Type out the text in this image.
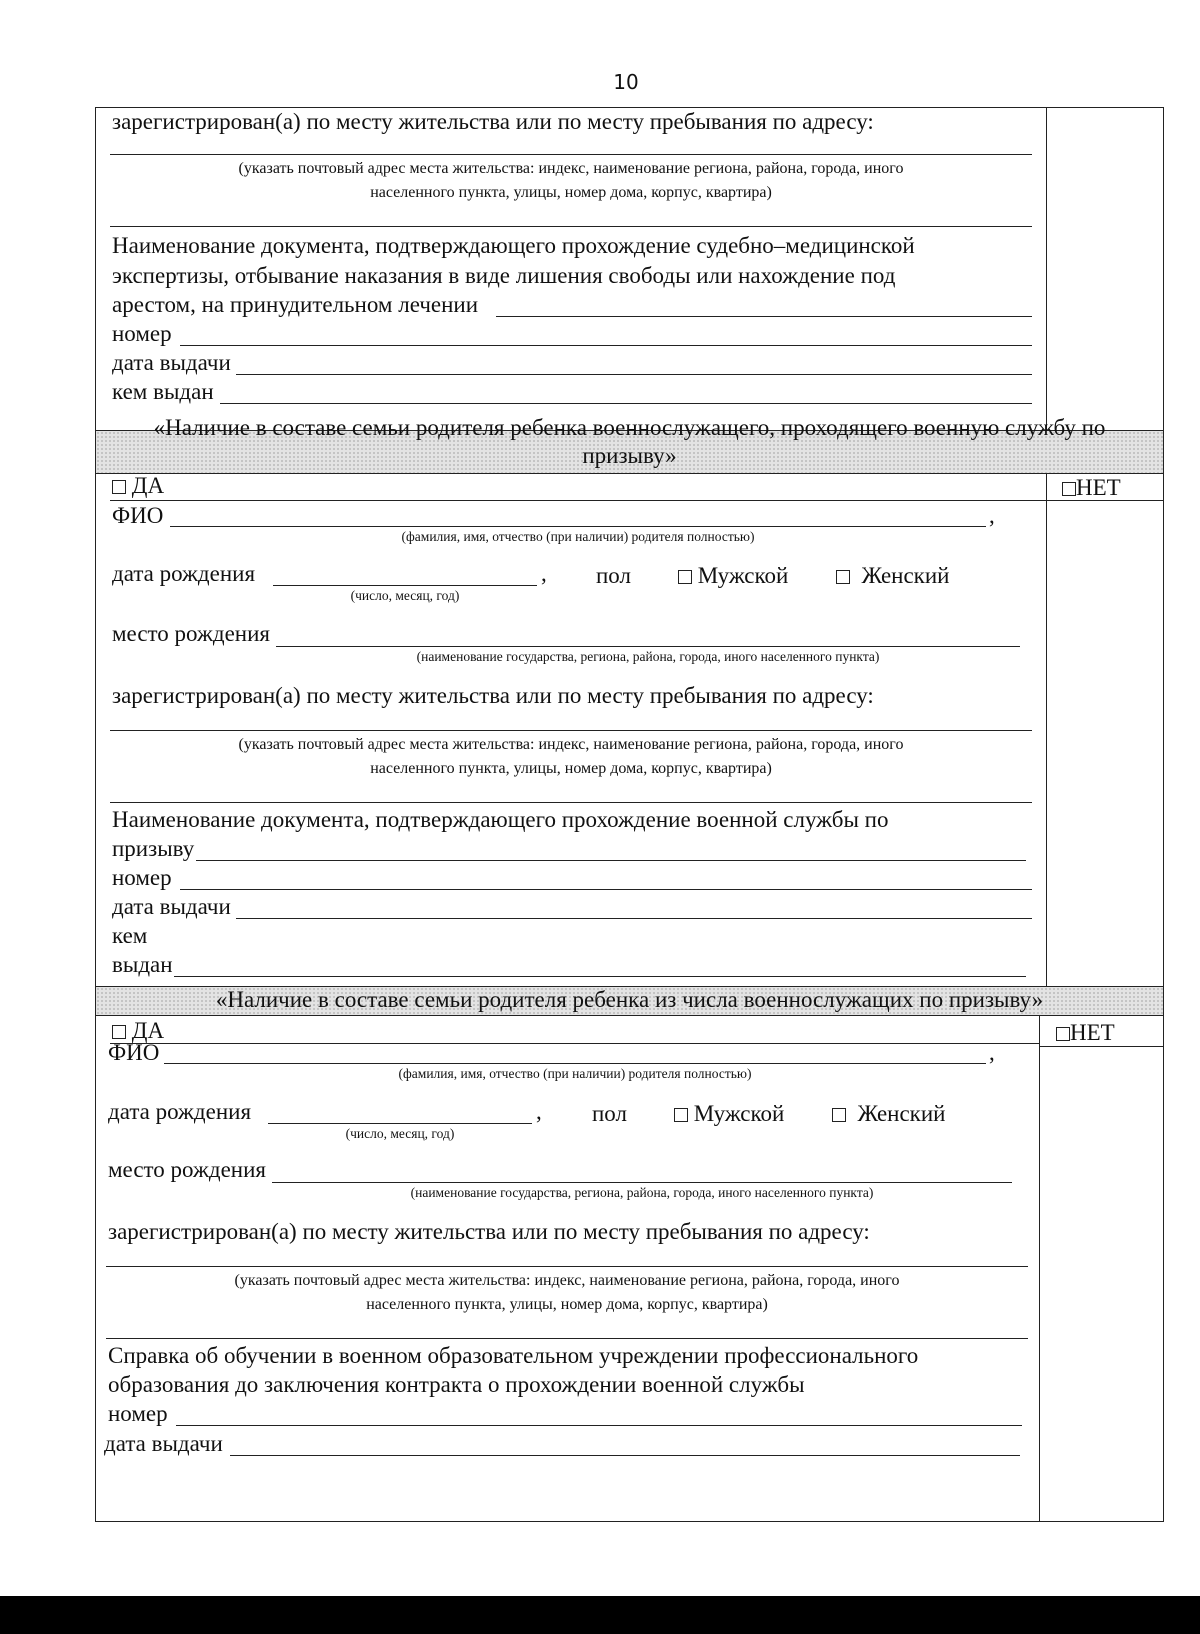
10
зарегистрирован(а) по месту жительства или по месту пребывания по адресу:
(указать почтовый адрес места жительства: индекс, наименование региона, района, города, иного
населенного пункта, улицы, номер дома, корпус, квартира)
Наименование документа, подтверждающего прохождение судебно–медицинской
экспертизы, отбывание наказания в виде лишения свободы или нахождение под
арестом, на принудительном лечении
номер
дата выдачи
кем выдан
«Наличие в составе семьи родителя ребенка военнослужащего, проходящего военную службу по
призыву»
ДА	НЕТ
ФИО	,
(фамилия, имя, отчество (при наличии) родителя полностью)
дата рождения	,
(число, месяц, год)
пол	Мужской	Женский
место рождения
(наименование государства, региона, района, города, иного населенного пункта)
зарегистрирован(а) по месту жительства или по месту пребывания по адресу:
(указать почтовый адрес места жительства: индекс, наименование региона, района, города, иного
населенного пункта, улицы, номер дома, корпус, квартира)
Наименование документа, подтверждающего прохождение военной службы по
призыву
номер
дата выдачи
кем
выдан
«Наличие в составе семьи родителя ребенка из числа военнослужащих по призыву»
ДА	НЕТ
ФИО	,
(фамилия, имя, отчество (при наличии) родителя полностью)
дата рождения	,
(число, месяц, год)
пол	Мужской	Женский
место рождения
(наименование государства, региона, района, города, иного населенного пункта)
зарегистрирован(а) по месту жительства или по месту пребывания по адресу:
(указать почтовый адрес места жительства: индекс, наименование региона, района, города, иного
населенного пункта, улицы, номер дома, корпус, квартира)
Справка об обучении в военном образовательном учреждении профессионального
образования до заключения контракта о прохождении военной службы
номер
дата выдачи
